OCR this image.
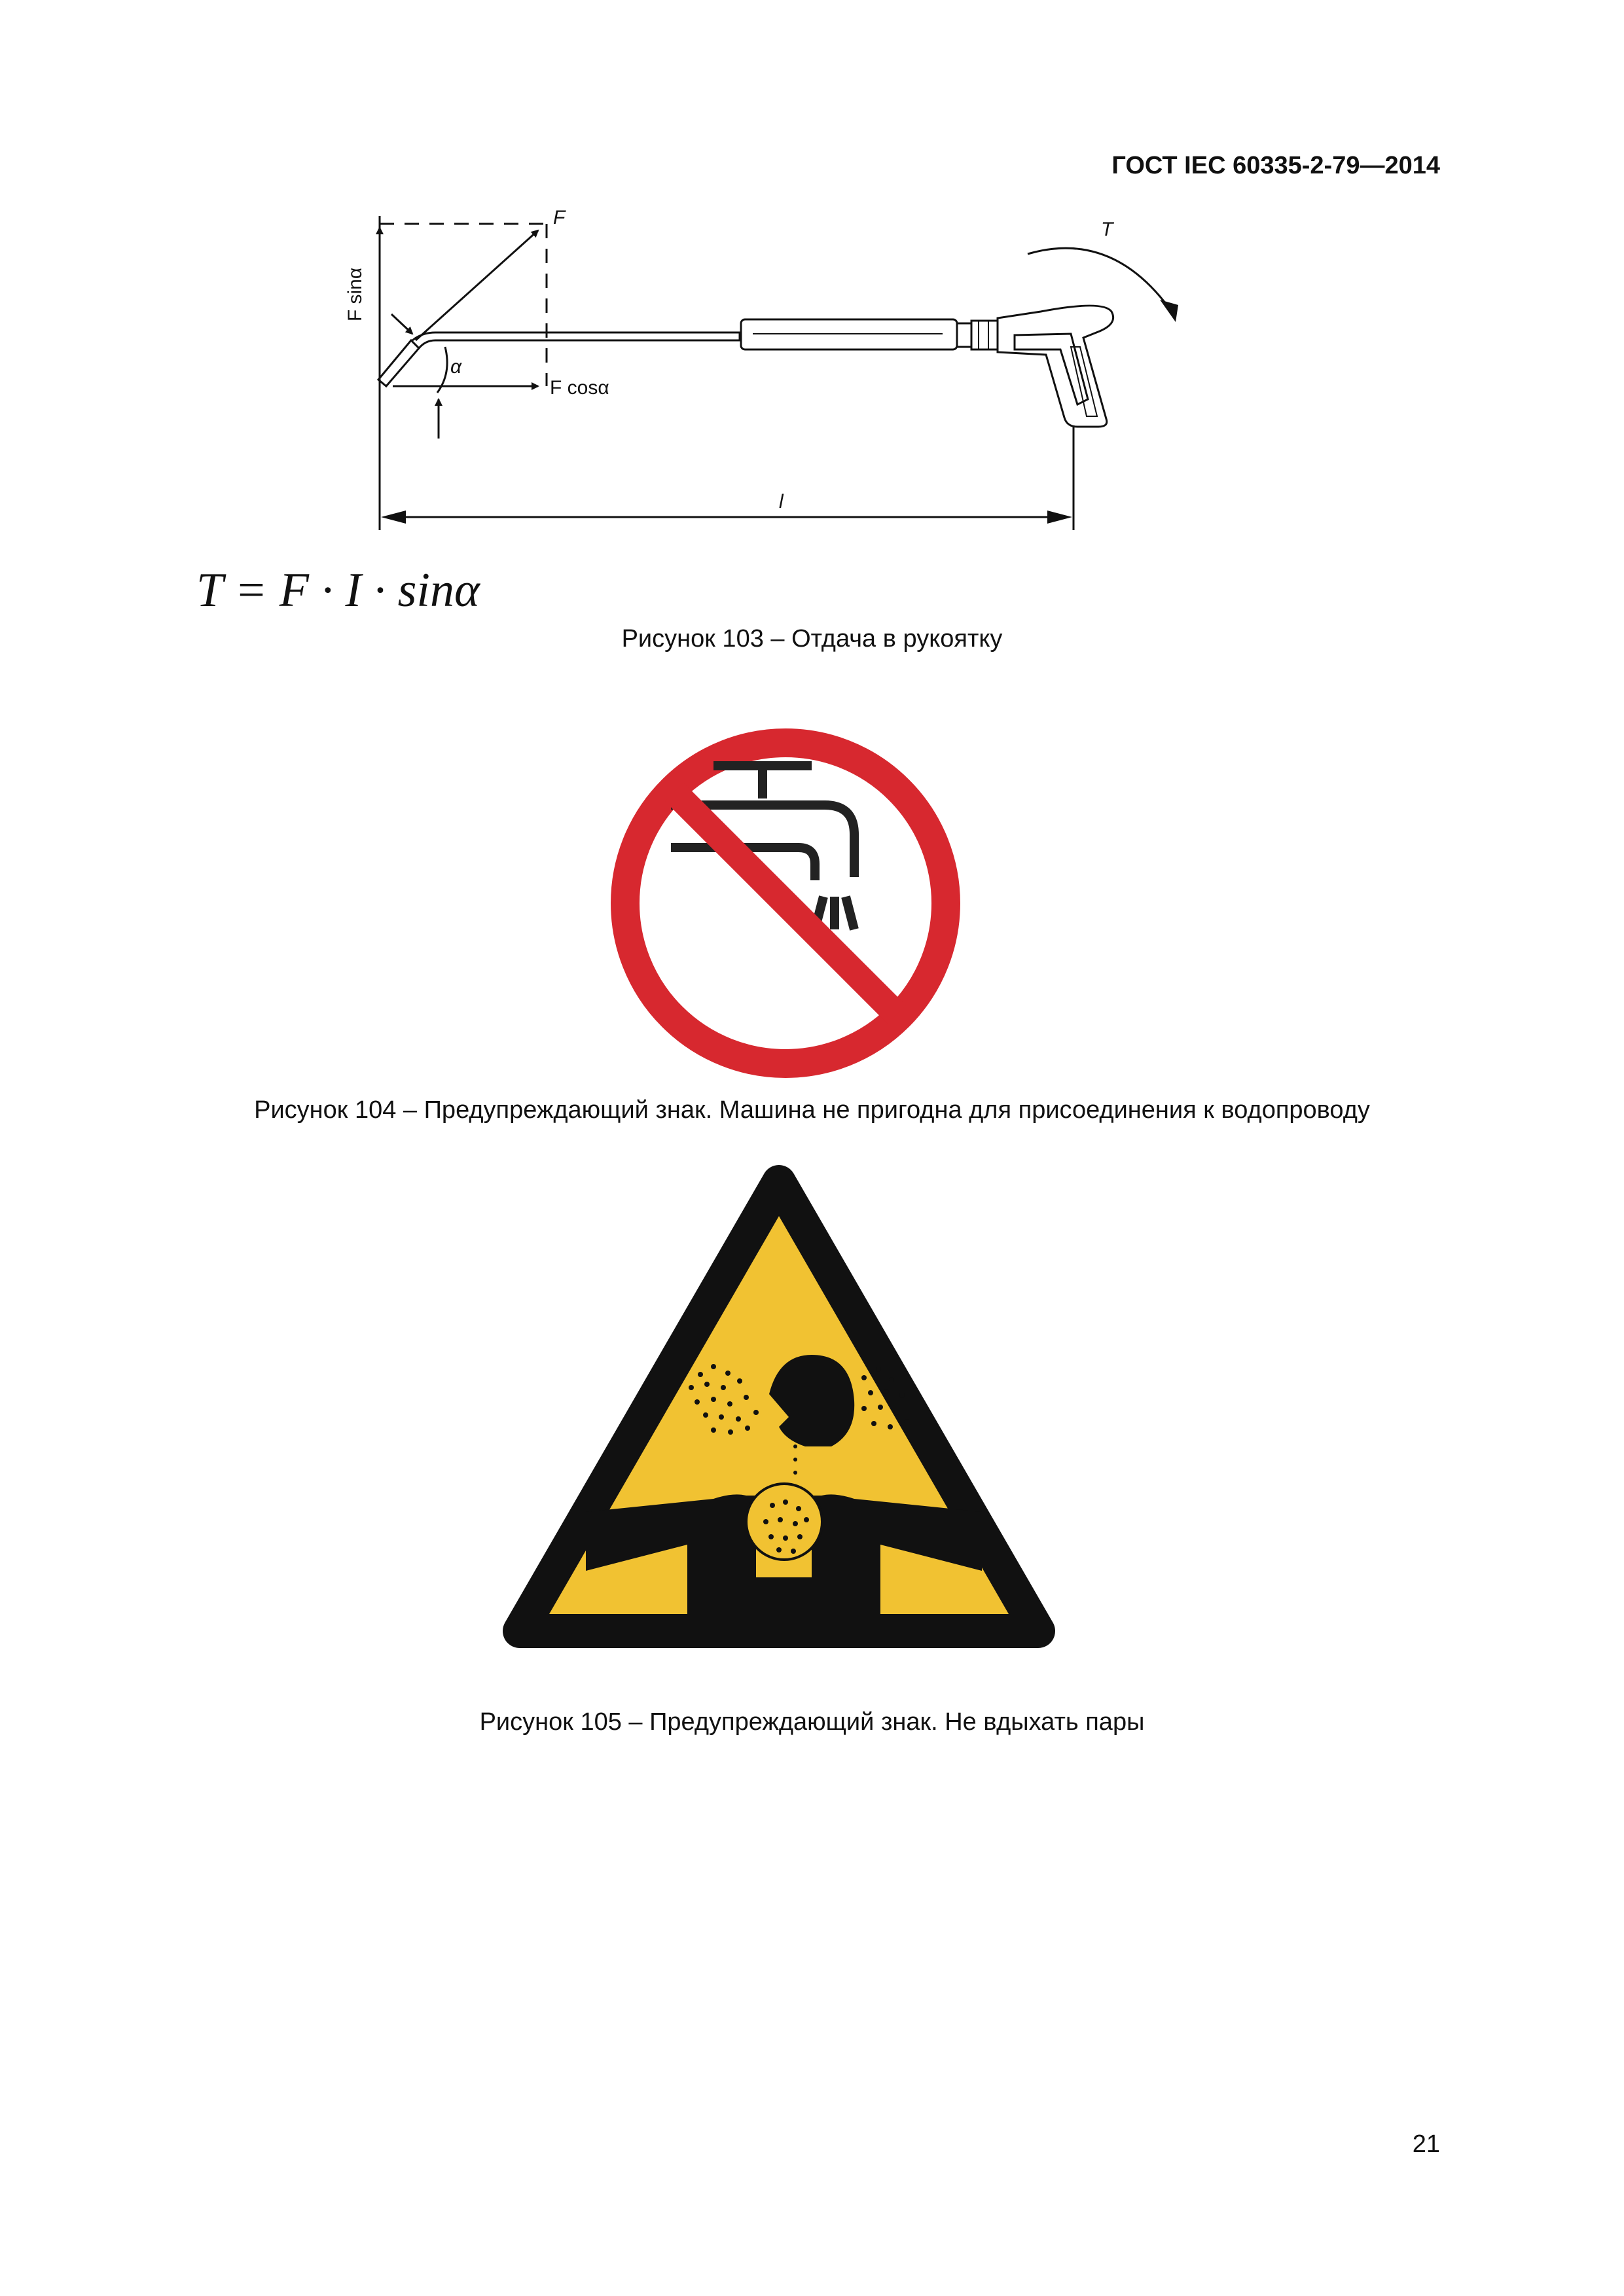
ГОСТ IEC 60335-2-79—2014
F sinα
F
α
F cosα
T
l
T = F · I · sinα
Рисунок 103 – Отдача в рукоятку
Рисунок 104 – Предупреждающий знак. Машина не пригодна для присоединения к водопроводу
Рисунок 105 – Предупреждающий знак. Не вдыхать пары
21
